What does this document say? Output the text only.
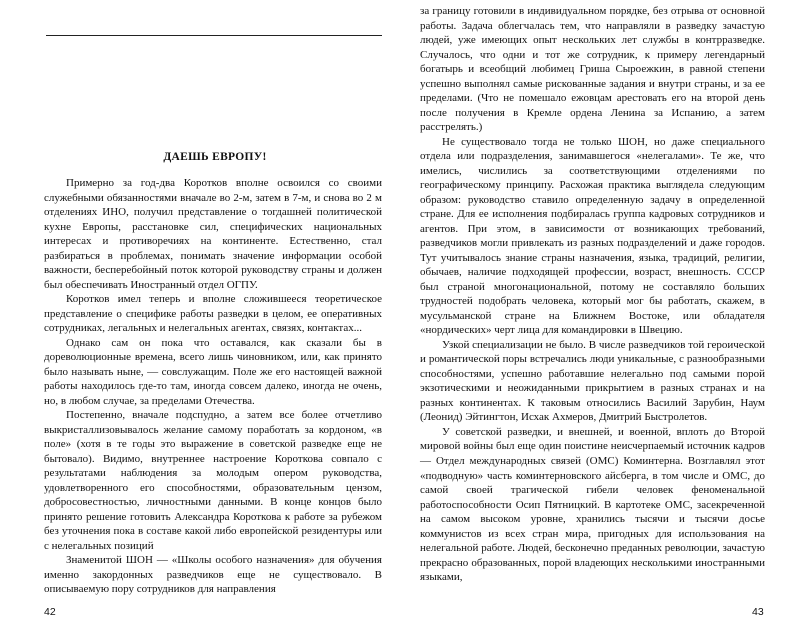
ДАЕШЬ ЕВРОПУ!

Примерно за год-два Коротков вполне освоился со своими служебными обязанностями вначале во 2-м, затем в 7-м, и снова во 2 м отделениях ИНО, получил представление о тогдашней политической кухне Европы, расстановке сил, специфических национальных интересах и противоречиях на континенте. Естественно, стал разбираться в проблемах, понимать значение информации особой важности, бесперебойный поток которой руководству страны и должен был обеспечивать Иностранный отдел ОГПУ.

Коротков имел теперь и вполне сложившееся теоретическое представление о специфике работы разведки в целом, ее оперативных сотрудниках, легальных и нелегальных агентах, связях, контактах...

Однако сам он пока что оставался, как сказали бы в дореволюционные времена, всего лишь чиновником, или, как принято было называть ныне, — совслужащим. Поле же его настоящей важной работы находилось где-то там, иногда совсем далеко, иногда не очень, но, в любом случае, за пределами Отечества.

Постепенно, вначале подспудно, а затем все более отчетливо выкристаллизовывалось желание самому поработать за кордоном, «в поле» (хотя в те годы это выражение в советской разведке еще не бытовало). Видимо, внутреннее настроение Короткова совпало с результатами наблюдения за молодым опером руководства, удовлетворенного его способностями, образовательным цензом, добросовестностью, личностными данными. В конце концов было принято решение готовить Александра Короткова к работе за рубежом без уточнения пока в составе какой либо европейской резидентуры или с нелегальных позиций

Знаменитой ШОН — «Школы особого назначения» для обучения именно закордонных разведчиков еще не существовало. В описываемую пору сотрудников для направления

42

за границу готовили в индивидуальном порядке, без отрыва от основной работы. Задача облегчалась тем, что направляли в разведку зачастую людей, уже имеющих опыт нескольких лет службы в контрразведке. Случалось, что одни и тот же сотрудник, к примеру легендарный богатырь и всеобщий любимец Гриша Сыроежкин, в равной степени успешно выполнял самые рискованные задания и внутри страны, и за ее пределами. (Что не помешало ежовцам арестовать его на второй день после получения в Кремле ордена Ленина за Испанию, а затем расстрелять.)

Не существовало тогда не только ШОН, но даже специального отдела или подразделения, занимавшегося «нелегалами». Те же, что имелись, числились за соответствующими отделениями по географическому принципу. Расхожая практика выглядела следующим образом: руководство ставило определенную задачу в определенной стране. Для ее исполнения подбиралась группа кадровых сотрудников и агентов. При этом, в зависимости от возникающих требований, разведчиков могли привлекать из разных подразделений и даже городов. Тут учитывалось знание страны назначения, языка, традиций, религии, обычаев, наличие подходящей профессии, возраст, внешность. СССР был страной многонациональной, потому не составляло больших трудностей подобрать человека, который мог бы работать, скажем, в мусульманской стране на Ближнем Востоке, или обладателя «нордических» черт лица для командировки в Швецию.

Узкой специализации не было. В числе разведчиков той героической и романтической поры встречались люди уникальные, с разнообразными способностями, успешно работавшие нелегально под самыми порой экзотическими и неожиданными прикрытием в разных странах и на разных континентах. К таковым относились Василий Зарубин, Наум (Леонид) Эйтингтон, Исхак Ахмеров, Дмитрий Быстролетов.

У советской разведки, и внешней, и военной, вплоть до Второй мировой войны был еще один поистине неисчерпаемый источник кадров — Отдел международных связей (ОМС) Коминтерна. Возглавлял этот «подводную» часть коминтерновского айсберга, в том числе и ОМС, до самой своей трагической гибели человек феноменальной работоспособности Осип Пятницкий. В картотеке ОМС, засекреченной на самом высоком уровне, хранились тысячи и тысячи досье коммунистов из всех стран мира, пригодных для использования на нелегальной работе. Людей, бесконечно преданных революции, зачастую прекрасно образованных, порой владеющих несколькими иностранными языками,

43
